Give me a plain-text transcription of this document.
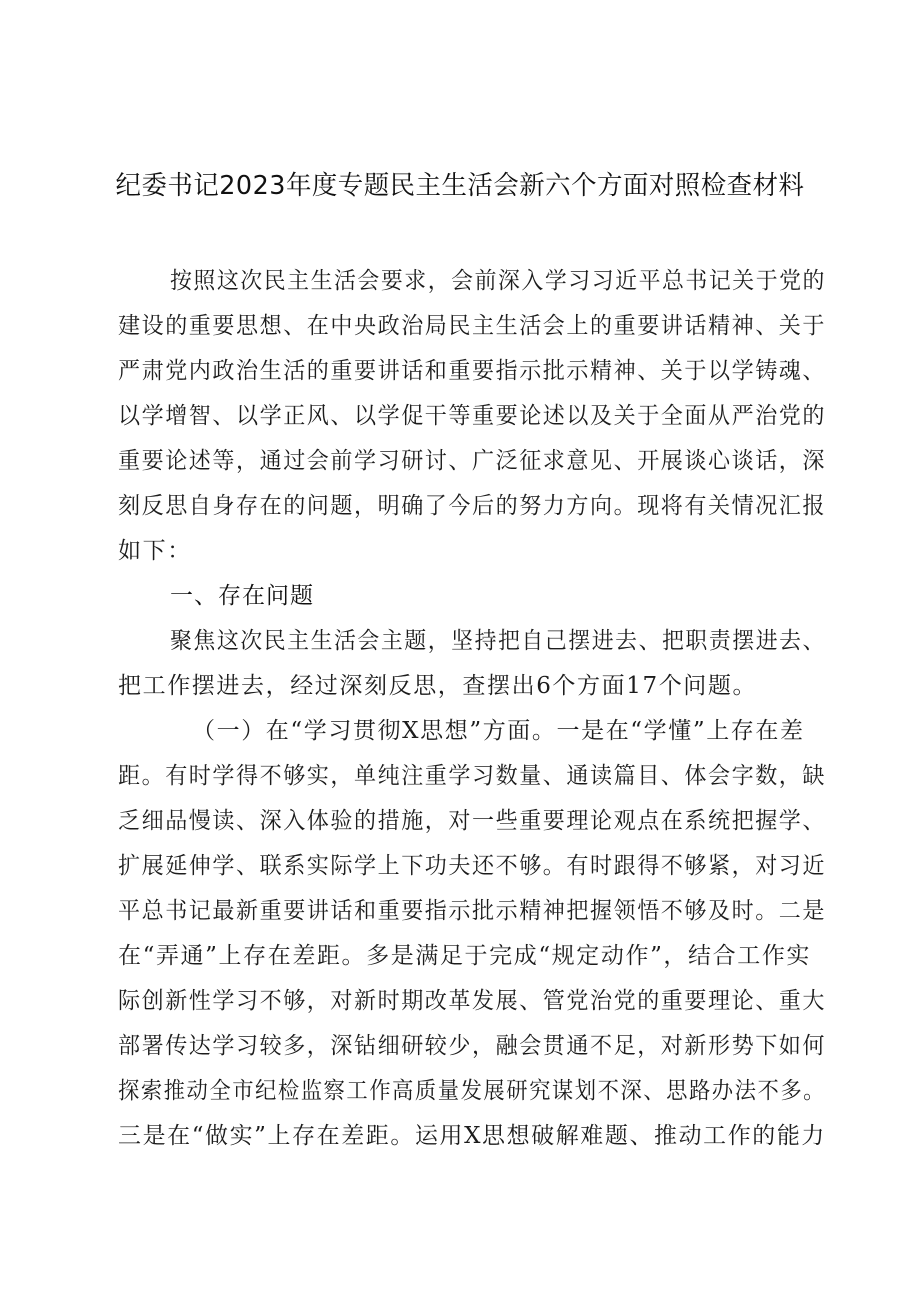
纪委书记2023年度专题民主生活会新六个方面对照检查材料
按照这次民主生活会要求，会前深入学习习近平总书记关于党的
建设的重要思想、在中央政治局民主生活会上的重要讲话精神、关于
严肃党内政治生活的重要讲话和重要指示批示精神、关于以学铸魂、
以学增智、以学正风、以学促干等重要论述以及关于全面从严治党的
重要论述等，通过会前学习研讨、广泛征求意见、开展谈心谈话，深
刻反思自身存在的问题，明确了今后的努力方向。现将有关情况汇报
如下：
一、存在问题
聚焦这次民主生活会主题，坚持把自己摆进去、把职责摆进去、
把工作摆进去，经过深刻反思，查摆出6个方面17个问题。
（一）在“学习贯彻X思想”方面。一是在“学懂”上存在差
距。有时学得不够实，单纯注重学习数量、通读篇目、体会字数，缺
乏细品慢读、深入体验的措施，对一些重要理论观点在系统把握学、
扩展延伸学、联系实际学上下功夫还不够。有时跟得不够紧，对习近
平总书记最新重要讲话和重要指示批示精神把握领悟不够及时。二是
在“弄通”上存在差距。多是满足于完成“规定动作”，结合工作实
际创新性学习不够，对新时期改革发展、管党治党的重要理论、重大
部署传达学习较多，深钻细研较少，融会贯通不足，对新形势下如何
探索推动全市纪检监察工作高质量发展研究谋划不深、思路办法不多。
三是在“做实”上存在差距。运用X思想破解难题、推动工作的能力
